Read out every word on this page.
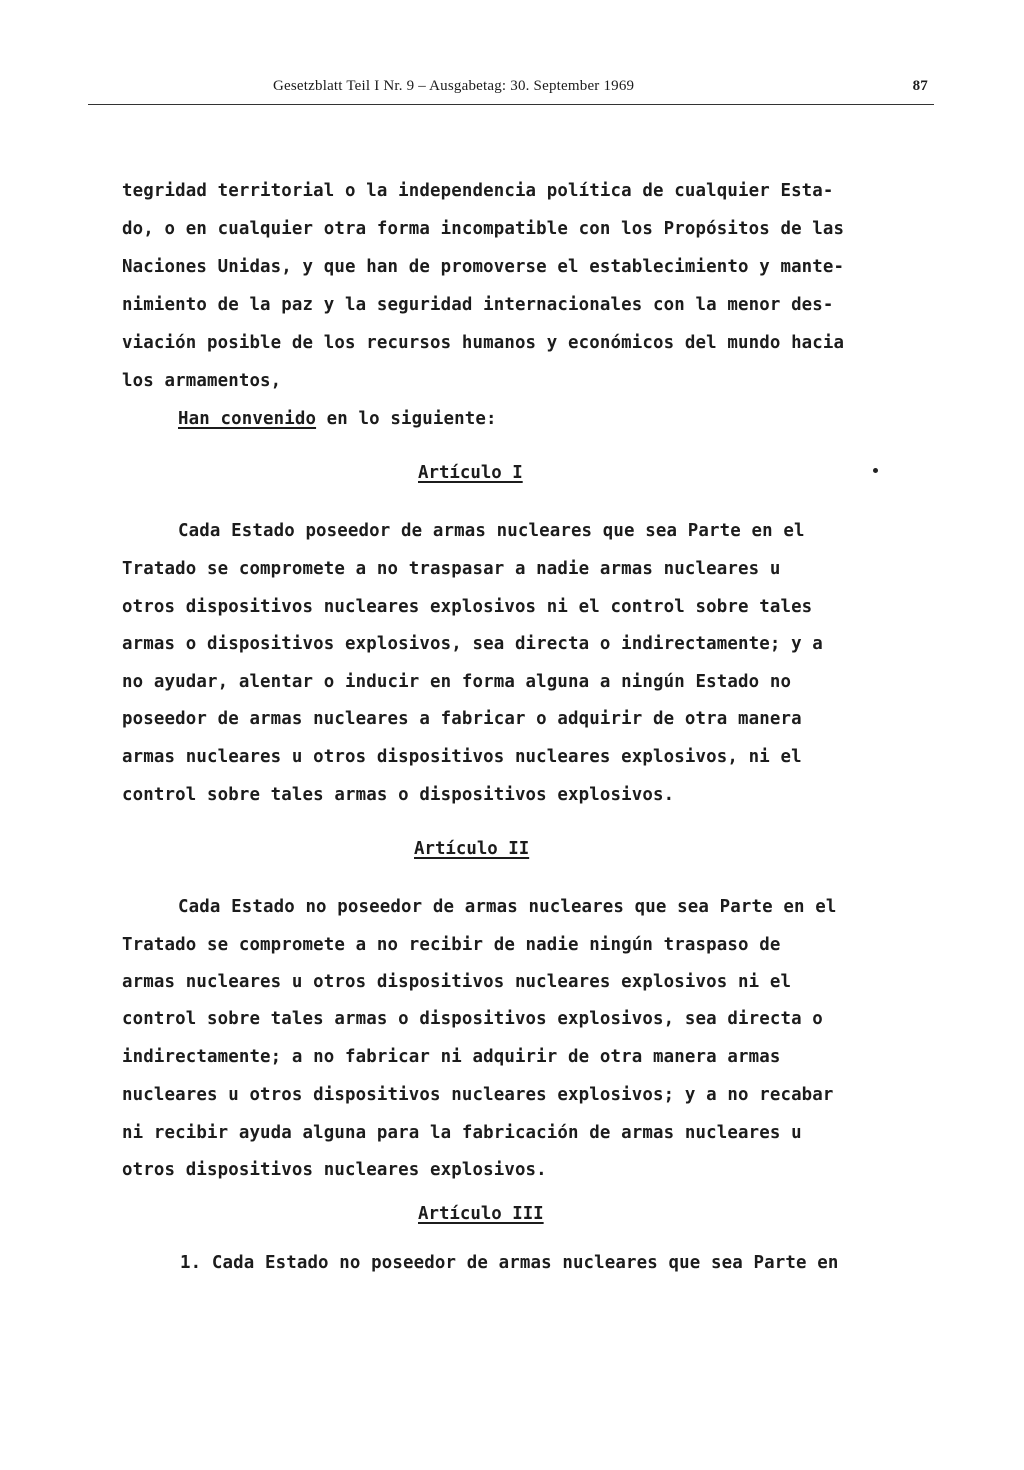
Gesetzblatt Teil I Nr. 9 – Ausgabetag: 30. September 1969	87
tegridad territorial o la independencia política de cualquier Esta-
do, o en cualquier otra forma incompatible con los Propósitos de las
Naciones Unidas, y que han de promoverse el establecimiento y mante-
nimiento de la paz y la seguridad internacionales con la menor des-
viación posible de los recursos humanos y económicos del mundo hacia
los armamentos,
Han convenido en lo siguiente:
Artículo I
Cada Estado poseedor de armas nucleares que sea Parte en el
Tratado se compromete a no traspasar a nadie armas nucleares u
otros dispositivos nucleares explosivos ni el control sobre tales
armas o dispositivos explosivos, sea directa o indirectamente; y a
no ayudar, alentar o inducir en forma alguna a ningún Estado no
poseedor de armas nucleares a fabricar o adquirir de otra manera
armas nucleares u otros dispositivos nucleares explosivos, ni el
control sobre tales armas o dispositivos explosivos.
Artículo II
Cada Estado no poseedor de armas nucleares que sea Parte en el
Tratado se compromete a no recibir de nadie ningún traspaso de
armas nucleares u otros dispositivos nucleares explosivos ni el
control sobre tales armas o dispositivos explosivos, sea directa o
indirectamente; a no fabricar ni adquirir de otra manera armas
nucleares u otros dispositivos nucleares explosivos; y a no recabar
ni recibir ayuda alguna para la fabricación de armas nucleares u
otros dispositivos nucleares explosivos.
Artículo III
1. Cada Estado no poseedor de armas nucleares que sea Parte en
